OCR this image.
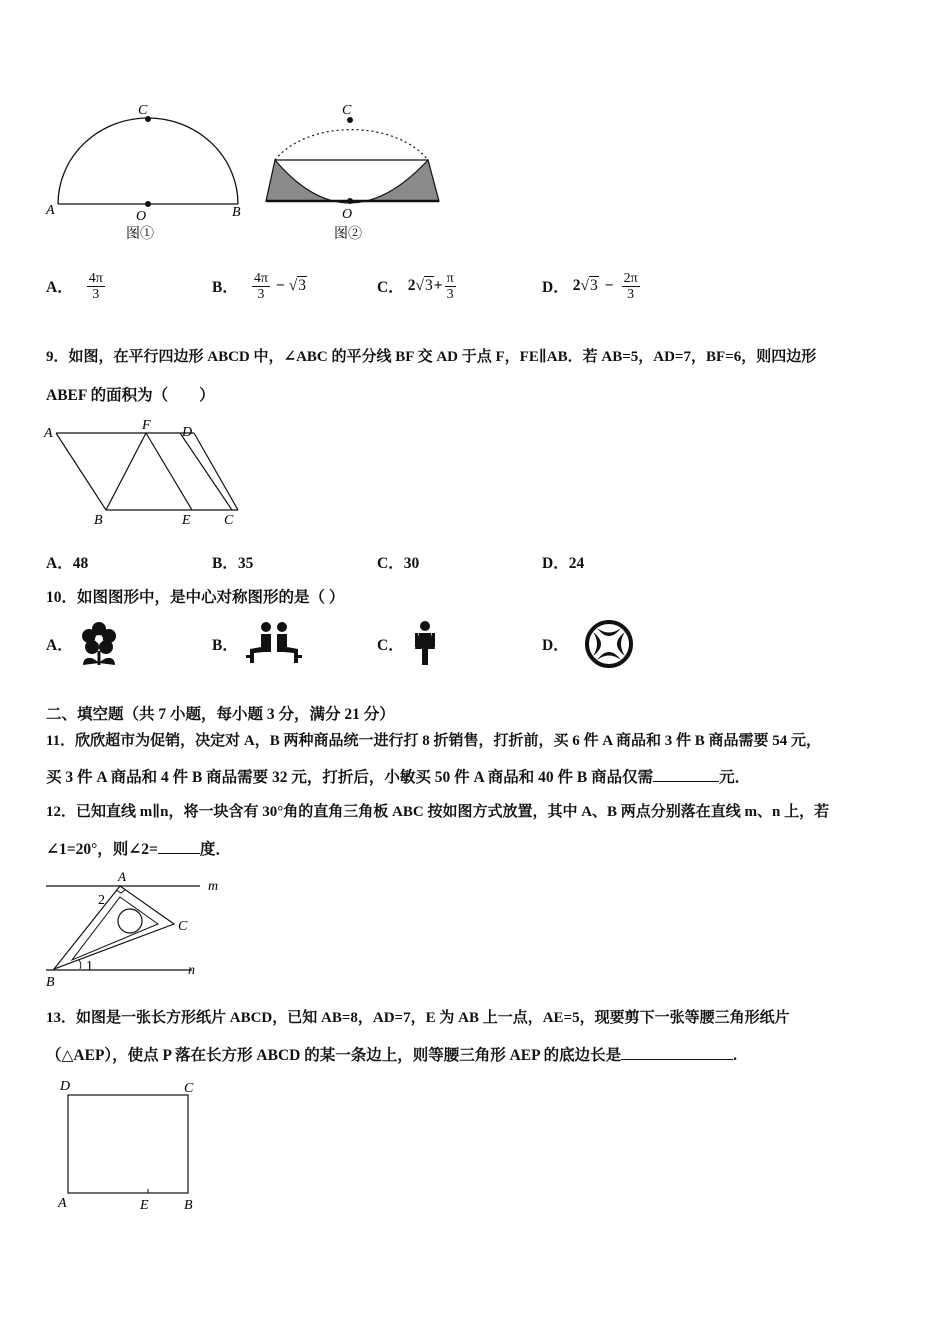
C
A	O	B
图①
C
O
图②
A． $\frac{4\pi}{3}$	B． $\frac{4\pi}{3} - √3$	C． 2 $√3 + \frac{\pi}{3}$	D． 2 $√3 - \frac{2\pi}{3}$
9．如图，在平行四边形 ABCD 中，∠ABC 的平分线 BF 交 AD 于点 F，FE∥AB．若 AB=5，AD=7，BF=6，则四边形
ABEF 的面积为（　　）
A
F D
B	E C
A．48	B．35	C．30	D．24
10．如图图形中，是中心对称图形的是（ ）
A．	B．	C．	D．
二、填空题（共 7 小题，每小题 3 分，满分 21 分）
11．欣欣超市为促销，决定对 A，B 两种商品统一进行打 8 折销售，打折前，买 6 件 A 商品和 3 件 B 商品需要 54 元，
买 3 件 A 商品和 4 件 B 商品需要 32 元，打折后，小敏买 50 件 A 商品和 40 件 B 商品仅需	元．
12．已知直线 m∥n，将一块含有 30°角的直角三角板 ABC 按如图方式放置，其中 A、B 两点分别落在直线 m、n 上，若
∠1=20°，则∠2=	度．
A
m
2
C
1	n
B
13．如图是一张长方形纸片 ABCD，已知 AB=8，AD=7，E 为 AB 上一点，AE=5，现要剪下一张等腰三角形纸片
（△AEP），使点 P 落在长方形 ABCD 的某一条边上，则等腰三角形 AEP 的底边长是	.
D	C
A	E	B
